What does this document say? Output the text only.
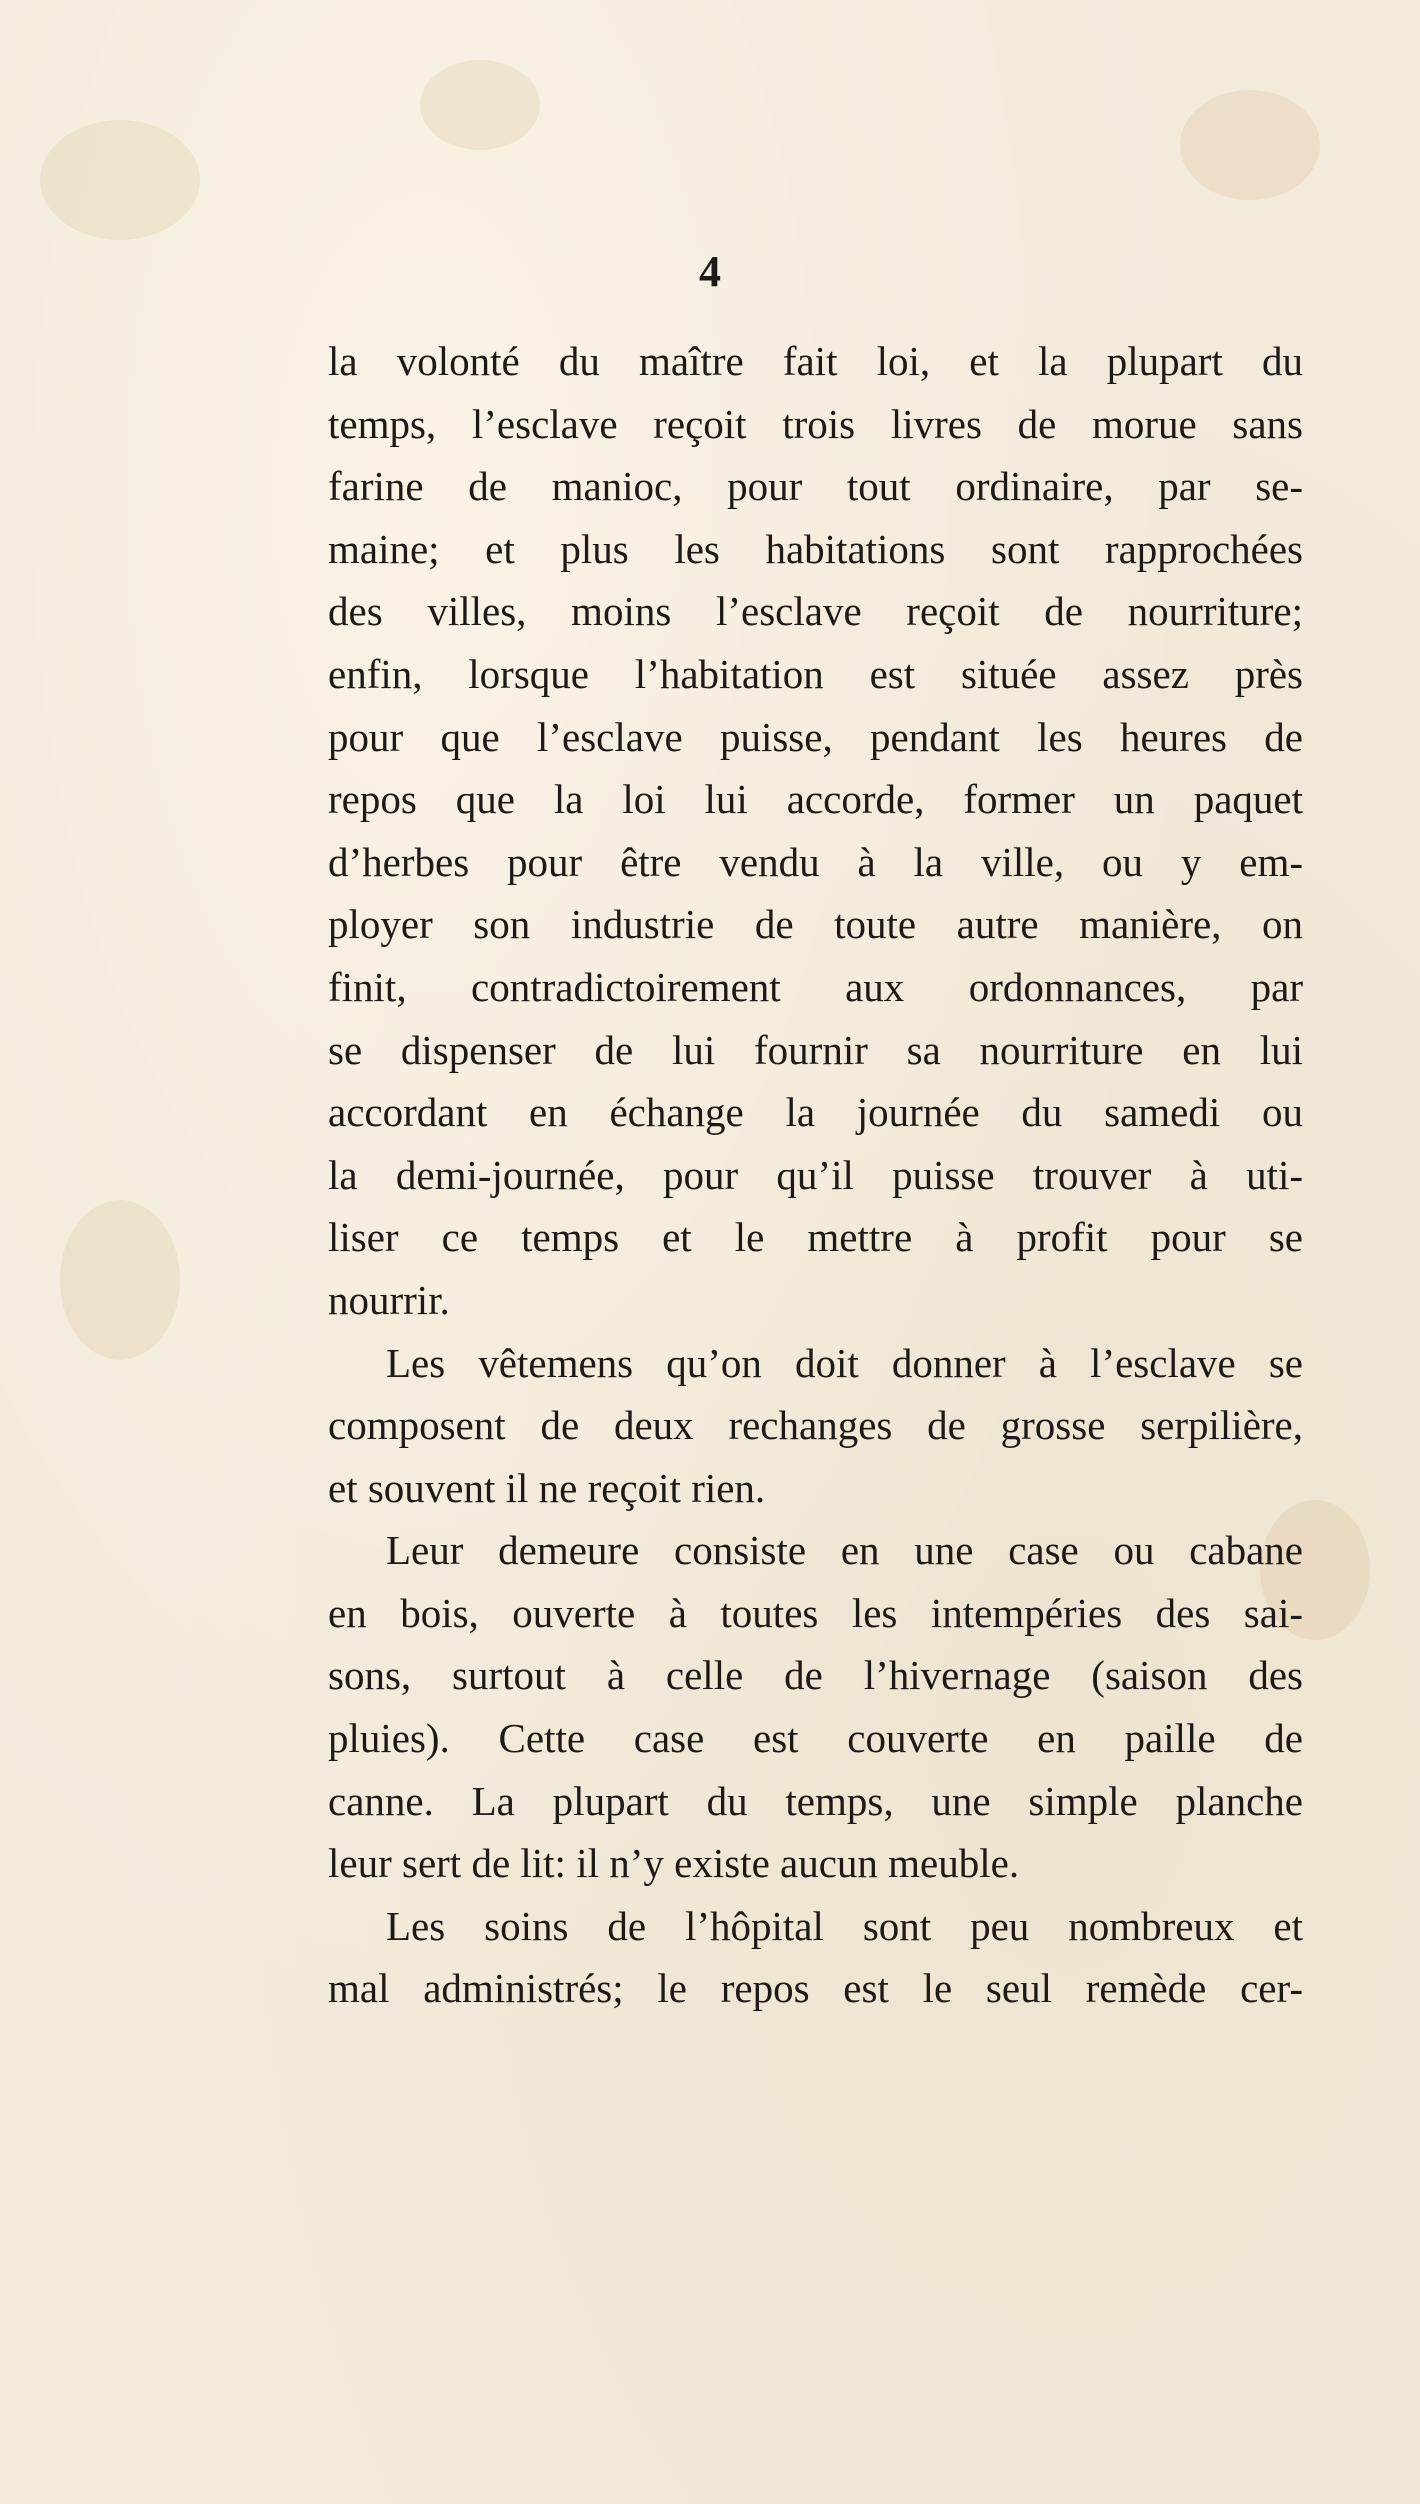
4

la volonté du maître fait loi, et la plupart du
temps, l’esclave reçoit trois livres de morue sans
farine de manioc, pour tout ordinaire, par se-
maine; et plus les habitations sont rapprochées
des villes, moins l’esclave reçoit de nourriture;
enfin, lorsque l’habitation est située assez près
pour que l’esclave puisse, pendant les heures de
repos que la loi lui accorde, former un paquet
d’herbes pour être vendu à la ville, ou y em-
ployer son industrie de toute autre manière, on
finit, contradictoirement aux ordonnances, par
se dispenser de lui fournir sa nourriture en lui
accordant en échange la journée du samedi ou
la demi-journée, pour qu’il puisse trouver à uti-
liser ce temps et le mettre à profit pour se
nourrir.

Les vêtemens qu’on doit donner à l’esclave se
composent de deux rechanges de grosse serpilière,
et souvent il ne reçoit rien.

Leur demeure consiste en une case ou cabane
en bois, ouverte à toutes les intempéries des sai-
sons, surtout à celle de l’hivernage (saison des
pluies). Cette case est couverte en paille de
canne. La plupart du temps, une simple planche
leur sert de lit: il n’y existe aucun meuble.

Les soins de l’hôpital sont peu nombreux et
mal administrés; le repos est le seul remède cer-
